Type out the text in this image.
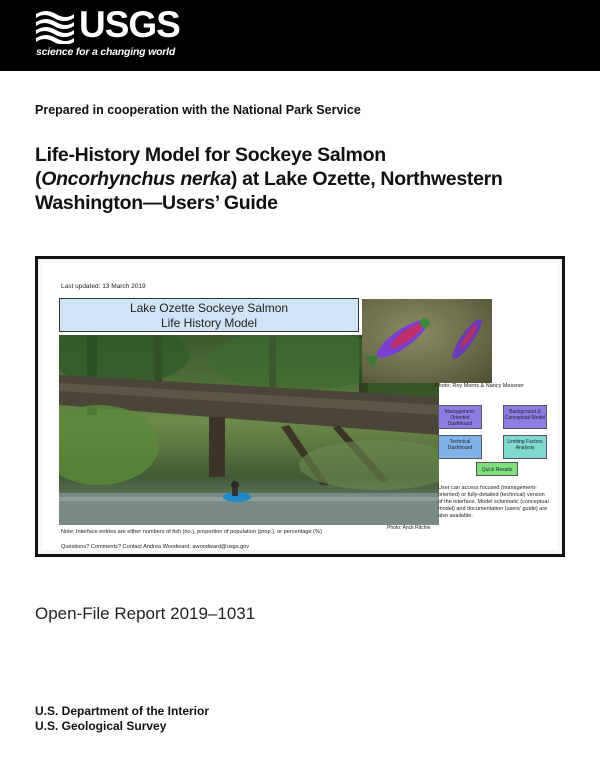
USGS
science for a changing world
Prepared in cooperation with the National Park Service
Life-History Model for Sockeye Salmon
(Oncorhynchus nerka) at Lake Ozette, Northwestern
Washington—Users’ Guide
Last updated: 13 March 2019
Lake Ozette Sockeye Salmon
Life History Model
Photo: Roy Morris & Nancy Messner
Management-Oriented Dashboard
Background & Conceptual Model
Technical Dashboard
Limiting Factors Analysis
Quick Results
User can access focused (management-oriented) or fully-detailed (technical) version of the interface. Model schematic (conceptual model) and documentation (users’ guide) are also available.
Photo: Anck Ritchie
Note: Interface entries are either numbers of fish (no.), proportion of population (prop.), or percentage (%)
Questions? Comments? Contact Andrea Woodward, awoodward@usgs.gov
Open-File Report 2019–1031
U.S. Department of the Interior
U.S. Geological Survey
